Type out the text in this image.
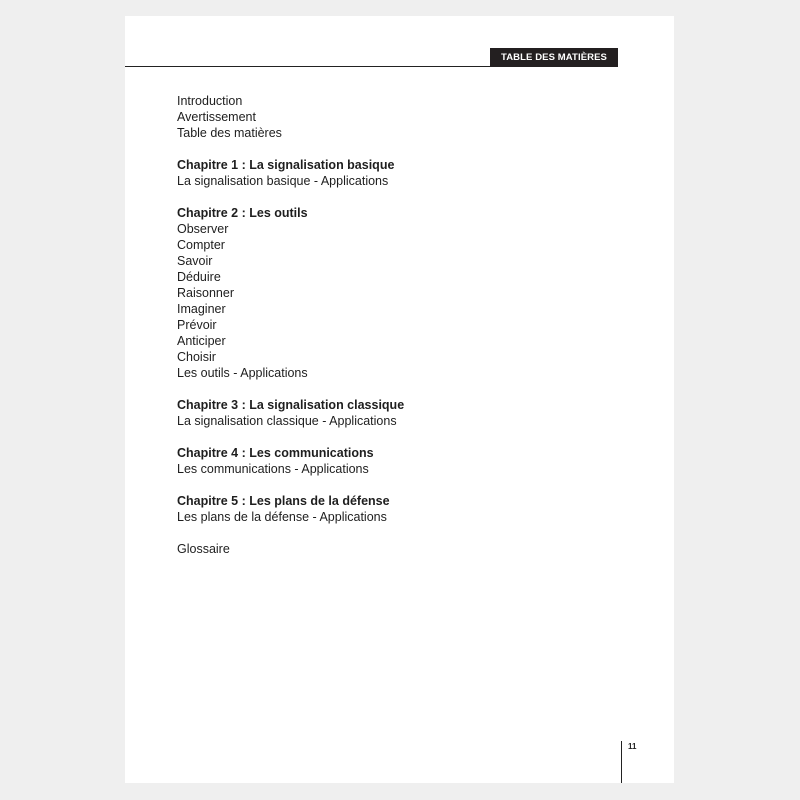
TABLE DES MATIÈRES
Introduction
Avertissement
Table des matières
Chapitre 1 : La signalisation basique
La signalisation basique - Applications
Chapitre 2 : Les outils
Observer
Compter
Savoir
Déduire
Raisonner
Imaginer
Prévoir
Anticiper
Choisir
Les outils - Applications
Chapitre 3 : La signalisation classique
La signalisation classique - Applications
Chapitre 4 : Les communications
Les communications - Applications
Chapitre 5 : Les plans de la défense
Les plans de la défense - Applications
Glossaire
11
